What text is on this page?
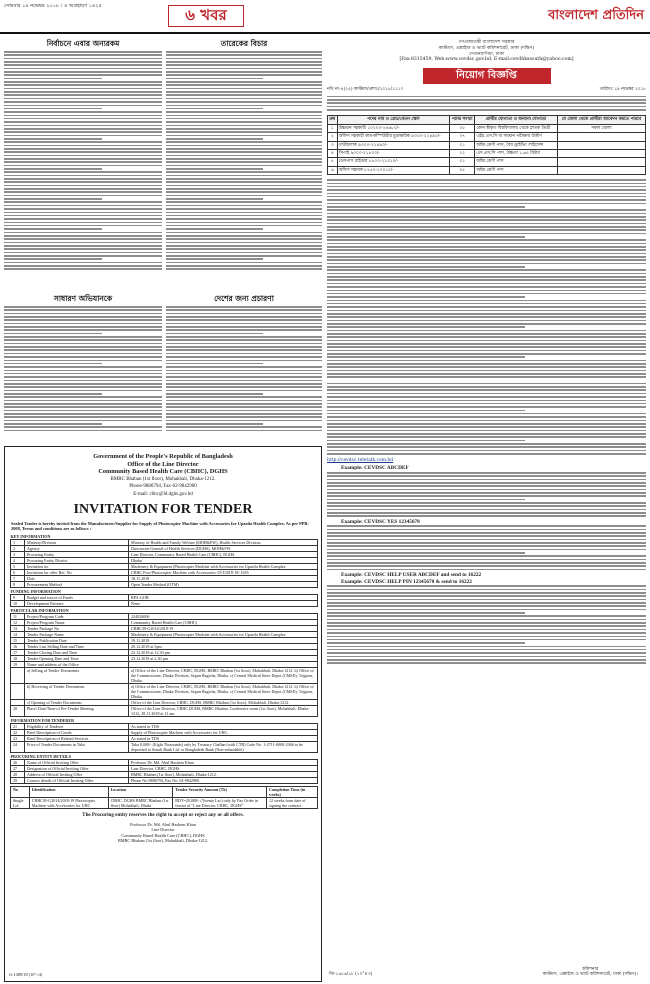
সোমবার ১৯ নভেম্বর ২০১৮ । ৪ অগ্রহায়ণ ১৪২৫	৬ খবর	বাংলাদেশ প্রতিদিন
নির্বাচনে এবার অন্যরকম	তারেকের বিচার
সাধারণ অভিযানকে	দেশের জন্য প্রচারণা
Government of the People's Republic of Bangladesh
Office of the Line Director
Community Based Health Care (CBHC), DGHS
BMRC Bhaban (1st floor), Mohakhali, Dhaka-1212.
Phone-9886794, Fax-02-9842900
E-mail: cbhc@ld.dghs.gov.bd
INVITATION FOR TENDER
Sealed Tender is hereby invited from the Manufacturer/Supplier for Supply of Photocopier Machine with Accessories for Upazila Health Complex. As per PPR-2008, Terms and conditions are as follows :
KEY INFORMATION		
1	Ministry/Division	Ministry of Health and Family Welfare (MOH&FW), Health Services Division.
2	Agency	Directorate General of Health Services (DGHS), MOH&FW.
3	Procuring Entity	Line Director, Community Based Health Care (CBHC), DGHS
4	Procuring Entity District	Dhaka
5	Invitation for	Machinery & Equipment (Photocopier Machine with Accessories for Upazila Health Complex
6	Invitation for offer Ref. No	CBHC Proc/Photocopier Machine with Accessories-15/T2018-19/ 1655
7	Date	18.11.2018
8	Procurement Method	Open Tender Method (OTM)
FUNDING INFORMATION		
9	Budget and source of Funds	RPA-GOB
10	Development Partners	None
PARTICULAR INFORMATION		
11	Project/Program Code	224026006
12	Project/Program Name	Community Based Health Care (CBHC)
13	Tender Package No	CBHC/R-G2014/2018-19
14	Tender Package Name	Machinery & Equipment (Photocopier Machine with Accessories for Upazila Health Complex
15	Tender Publication Date	19.11.2018
16	Tender Last Selling Date and Time	20.12.2018 at 5pm
17	Tender Closing Date and Time	23.12.2018 at 12.30 pm
18	Tender Opening Date and Time	23.12.2018 at 2.30 pm
19	Name and address of the Office	
	a) Selling of Tender Documents	a) Office of the Line Director, CBHC, DGHS, BMRC Bhaban (1st floor), Mohakhali, Dhaka-1212. b) Office of the Commissioner, Dhaka Division, Segun Bagicha, Dhaka. c) Central Medical Store Depot (CMSD), Tejgaon, Dhaka.
	b) Receiving of Tender Documents	a) Office of the Line Director, CBHC, DGHS, BMRC Bhaban (1st floor), Mohakhali, Dhaka-1212. b) Office of the Commissioner, Dhaka Division, Segun Bagicha, Dhaka. c) Central Medical Store Depot (CMSD), Tejgaon, Dhaka.
	c) Opening of Tender Documents	Office of the Line Director, CBHC, DGHS, BMRC Bhaban (1st floor), Mohakhali, Dhaka-1212.
20	Place/ Date/Time of Pre-Tender Meeting	Office of the Line Director, CBHC,DGHS, BMRC Bhaban, Conference room (1st floor), Mohakhali, Dhaka-1212, 28.11.2018 at 11 am
INFORMATION FOR TENDERER		
21	Eligibility of Tenderer	As stated in TDS
22	Brief Description of Goods	Supply of Photocopier Machine with Accessories for UHC.
23	Brief Description of Related Services	As stated in TDS
24	Price of Tender Documents in Taka	Taka 8,000/- (Eight Thousands) only by Treasury Challan (with CTB) Code No. 1-2711-0000-2366 to be deposited to Sonali Bank Ltd. or Bangladesh Bank (Non-refundable)
PROCURING ENTITY DETAILS		
26	Name of Official Inviting Offer	Professor Dr. Md. Abul Hashem Khan
27	Designation of Official Inviting Offer	Line Director, CBHC, DGHS
28	Address of Official Inviting Offer	BMRC Bhaban (1st floor), Mohakhali, Dhaka-1212.
29	Contact details of Official Inviting Offer	Phone No-9886794, Fax No: 02-9842900.
No	Identification	Location	Tender Security Amount (Tk)	Completion Time (in weeks)
Single Lot	CBHC/R-G2014/2018-19 Photocopier Machine with Accessories for UHC	CBHC, DGHS BMRC Bhaban (1st floor) Mohakhali, Dhaka	BDT=20,000/- (Twenty Lac) only by Pay Order in favour of "Line Director, CBHC, DGHS"	12 weeks from date of signing the contract.
The Procuring entity reserves the right to accept or reject any or all offers.
Professor Dr. Md. Abul Hashem Khan
Line Director
Community Based Health Care (CBHC), DGHS
BMRC Bhaban (1st floor), Mohakhali, Dhaka-1212.
G-1489/18 (10"×4)
গণপ্রজাতন্ত্রী বাংলাদেশ সরকার
কাস্টমস, এক্সাইজ ও ভ্যাট কমিশনারেট, ঢাকা (দক্ষিণ)
সেগুনবাগিচা, ঢাকা
[Fax-8315459, Web:www.cevdsc.gov.bd, E-mail:cevdhkssouth@yahoo.com]
নিয়োগ বিজ্ঞপ্তি
নথি নং-৪(২৫) কাস্টমস/প্রশাঃ/২০১৮/১১১০	তারিখঃ ১৯ নভেম্বর ২০১৮
ক্রম	পদের নাম ও গ্রেড/বেতন স্কেল	পদের সংখ্যা	প্রার্থীর যোগ্যতা ও অন্যান্য যোগ্যতা	যে জেলা থেকে প্রার্থীরা আবেদন করতে পারবে
১	উচ্চমান সহকারী ১০২০০-২৪৬৮০/-	০৫	কোন স্বীকৃত বিশ্ববিদ্যালয় থেকে স্নাতক ডিগ্রী	সকল জেলা
২	অফিস সহকারী কাম-কম্পিউটার মুদ্রাক্ষরিক ৯৩০০-২২৪৯০/-	০৭	এইচ.এস.সি বা সমমান পরীক্ষায় উত্তীর্ণ	
৩	গাড়ীচালক ৯৩০০-২২৪৯০/-	০১	অষ্টম শ্রেণী পাস, বৈধ ড্রাইভিং লাইসেন্স	
৪	সিপাই ৯০০০-২১৮০০/-	২২	এস.এস.সি পাস, উচ্চতা ১.৬৫ মিটার	
৫	ডেসপাস রাইডার ৮৮০০-২১৩১০/-	০১	অষ্টম শ্রেণী পাস	
৬	অফিস সহায়ক ৮২৫০-২০০১০/-	০৫	অষ্টম শ্রেণী পাস	
http://cevdsc.teletalk.com.bd
Example: CEVDSC ABCDEF
Example: CEVDSC YES 12345678
Example: CEVDSC HELP USER ABCDEF and send to 16222
Example: CEVDSC HELP PIN 12345678 & send to 16222
কমিশনার
কাস্টমস, এক্সাইজ ও ভ্যাট কমিশনারেট, ঢাকা (দক্ষিণ)।
জি-১৪৮৬/১৮ (১০"×৩)
